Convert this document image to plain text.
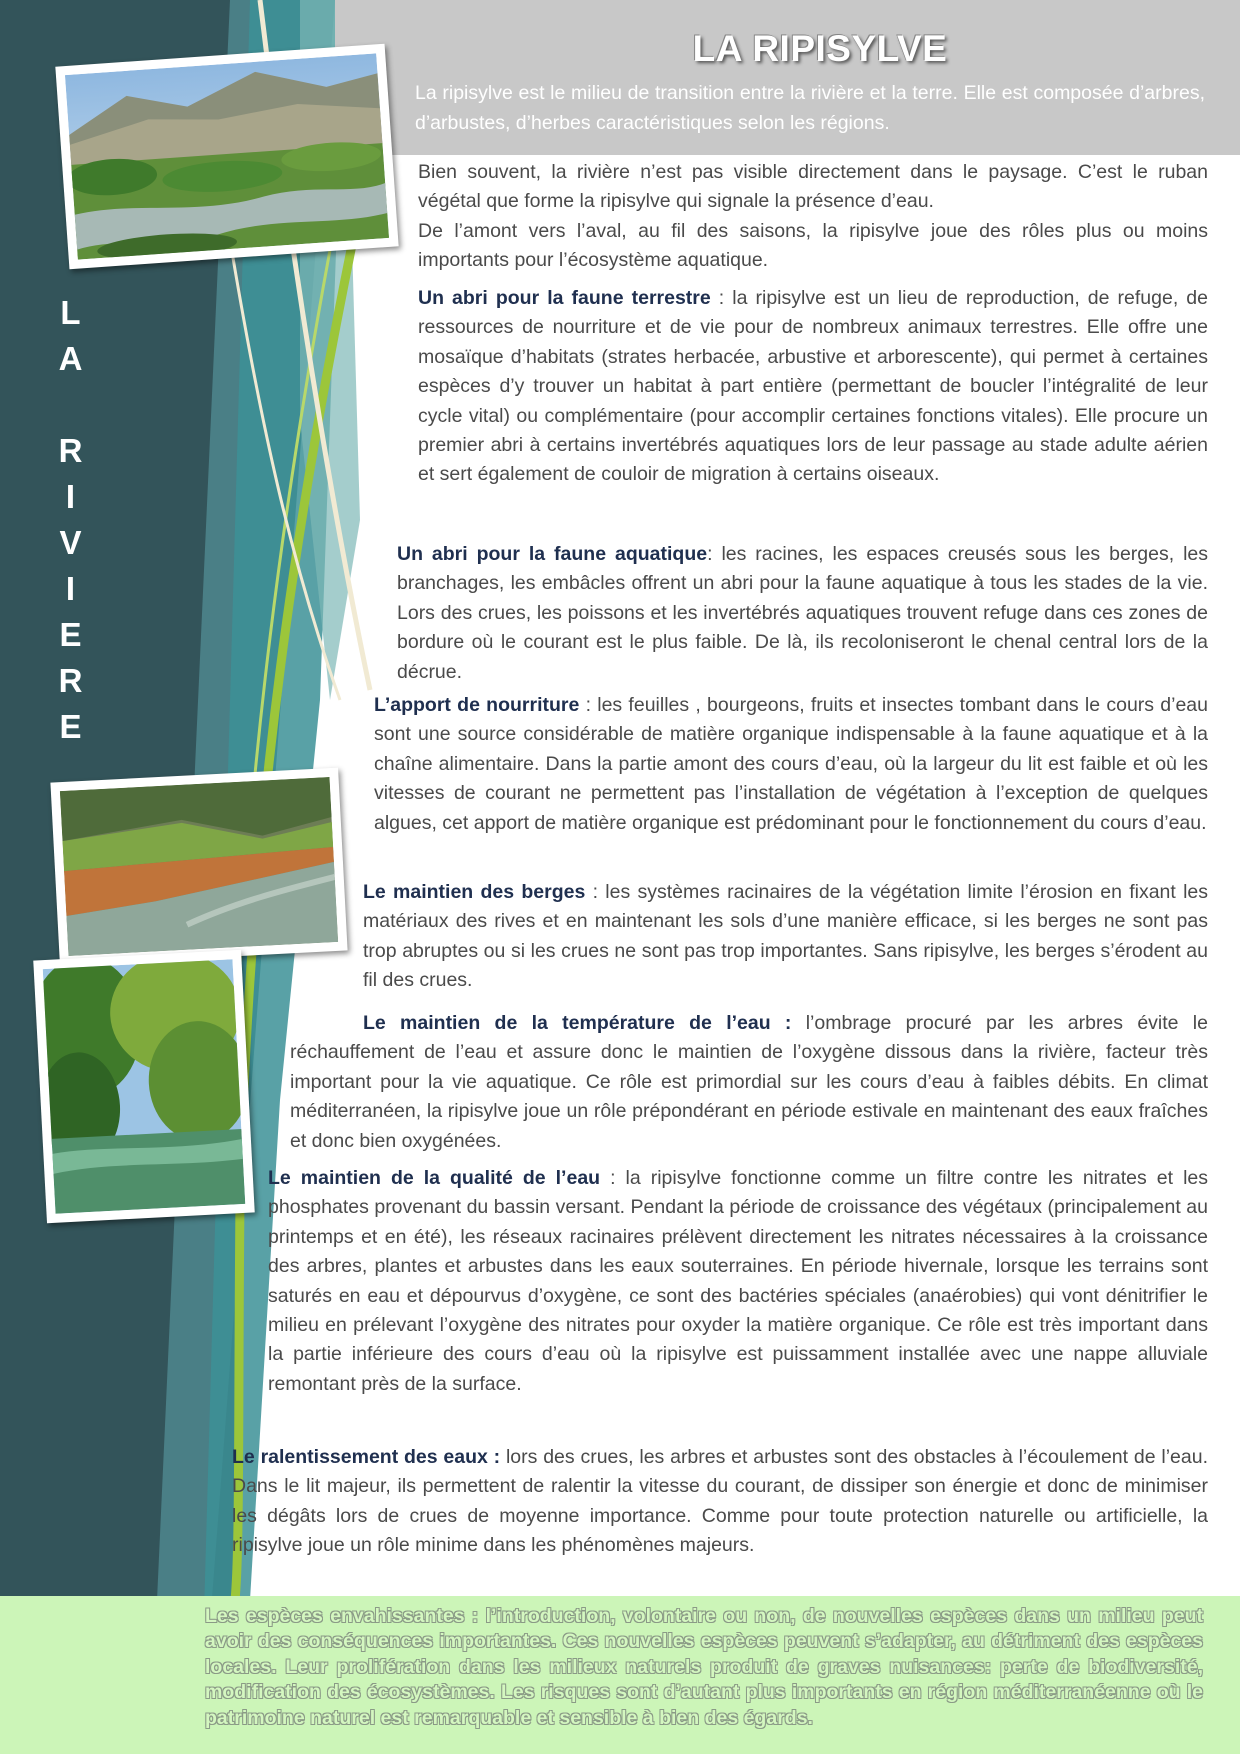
LA RIPISYLVE

La ripisylve est le milieu de transition entre la rivière et la terre. Elle est composée d’arbres, d’arbustes, d’herbes caractéristiques selon les régions.

L
A

R
I
V
I
E
R
E
Bien souvent, la rivière n’est pas visible directement dans le paysage. C’est le ruban végétal que forme la ripisylve qui signale la présence d’eau.
De l’amont vers l’aval, au fil des saisons, la ripisylve joue des rôles plus ou moins importants pour l’écosystème aquatique.

Un abri pour la faune terrestre : la ripisylve est un lieu de reproduction, de refuge, de ressources de nourriture et de vie pour de nombreux animaux terrestres. Elle offre une mosaïque d’habitats (strates herbacée, arbustive et arborescente), qui permet à certaines espèces d’y trouver un habitat à part entière (permettant de boucler l’intégralité de leur cycle vital) ou complémentaire (pour accomplir certaines fonctions vitales). Elle procure un premier abri à certains invertébrés aquatiques lors de leur passage au stade adulte aérien et sert également de couloir de migration à certains oiseaux.

Un abri pour la faune aquatique: les racines, les espaces creusés sous les berges, les branchages, les embâcles offrent un abri pour la faune aquatique à tous les stades de la vie. Lors des crues, les poissons et les invertébrés aquatiques trouvent refuge dans ces zones de bordure où le courant est le plus faible. De là, ils recoloniseront le chenal central lors de la décrue.

L’apport de nourriture : les feuilles , bourgeons, fruits et insectes tombant dans le cours d’eau sont une source considérable de matière organique indispensable à la faune aquatique et à la chaîne alimentaire. Dans la partie amont des cours d’eau, où la largeur du lit est faible et où les vitesses de courant ne permettent pas l’installation de végétation à l’exception de quelques algues, cet apport de matière organique est prédominant pour le fonctionnement du cours d’eau.

Le maintien des berges : les systèmes racinaires de la végétation limite l’érosion en fixant les matériaux des rives et en maintenant les sols d’une manière efficace, si les berges ne sont pas trop abruptes ou si les crues ne sont pas trop importantes. Sans ripisylve, les berges s’érodent au fil des crues.

Le maintien de la température de l’eau : l’ombrage procuré par les arbres évite le réchauffement de l’eau et assure donc le maintien de l’oxygène dissous dans la rivière, facteur très important pour la vie aquatique. Ce rôle est primordial sur les cours d’eau à faibles débits. En climat méditerranéen, la ripisylve joue un rôle prépondérant en période estivale en maintenant des eaux fraîches et donc bien oxygénées.

Le maintien de la qualité de l’eau : la ripisylve fonctionne comme un filtre contre les nitrates et les phosphates provenant du bassin versant. Pendant la période de croissance des végétaux (principalement au printemps et en été), les réseaux racinaires prélèvent directement les nitrates nécessaires à la croissance des arbres, plantes et arbustes dans les eaux souterraines. En période hivernale, lorsque les terrains sont saturés en eau et dépourvus d’oxygène, ce sont des bactéries spéciales (anaérobies) qui vont dénitrifier le milieu en prélevant l’oxygène des nitrates pour oxyder la matière organique. Ce rôle est très important dans la partie inférieure des cours d’eau où la ripisylve est puissamment installée avec une nappe alluviale remontant près de la surface.

Le ralentissement des eaux : lors des crues, les arbres et arbustes sont des obstacles à l’écoulement de l’eau. Dans le lit majeur, ils permettent de ralentir la vitesse du courant, de dissiper son énergie et donc de minimiser les dégâts lors de crues de moyenne importance. Comme pour toute protection naturelle ou artificielle, la ripisylve joue un rôle minime dans les phénomènes majeurs.

Les espèces envahissantes : l’introduction, volontaire ou non, de nouvelles espèces dans un milieu peut avoir des conséquences importantes. Ces nouvelles espèces peuvent s’adapter, au détriment des espèces locales. Leur prolifération dans les milieux naturels produit de graves nuisances: perte de biodiversité, modification des écosystèmes. Les risques sont d’autant plus importants en région méditerranéenne où le patrimoine naturel est remarquable et sensible à bien des égards.
